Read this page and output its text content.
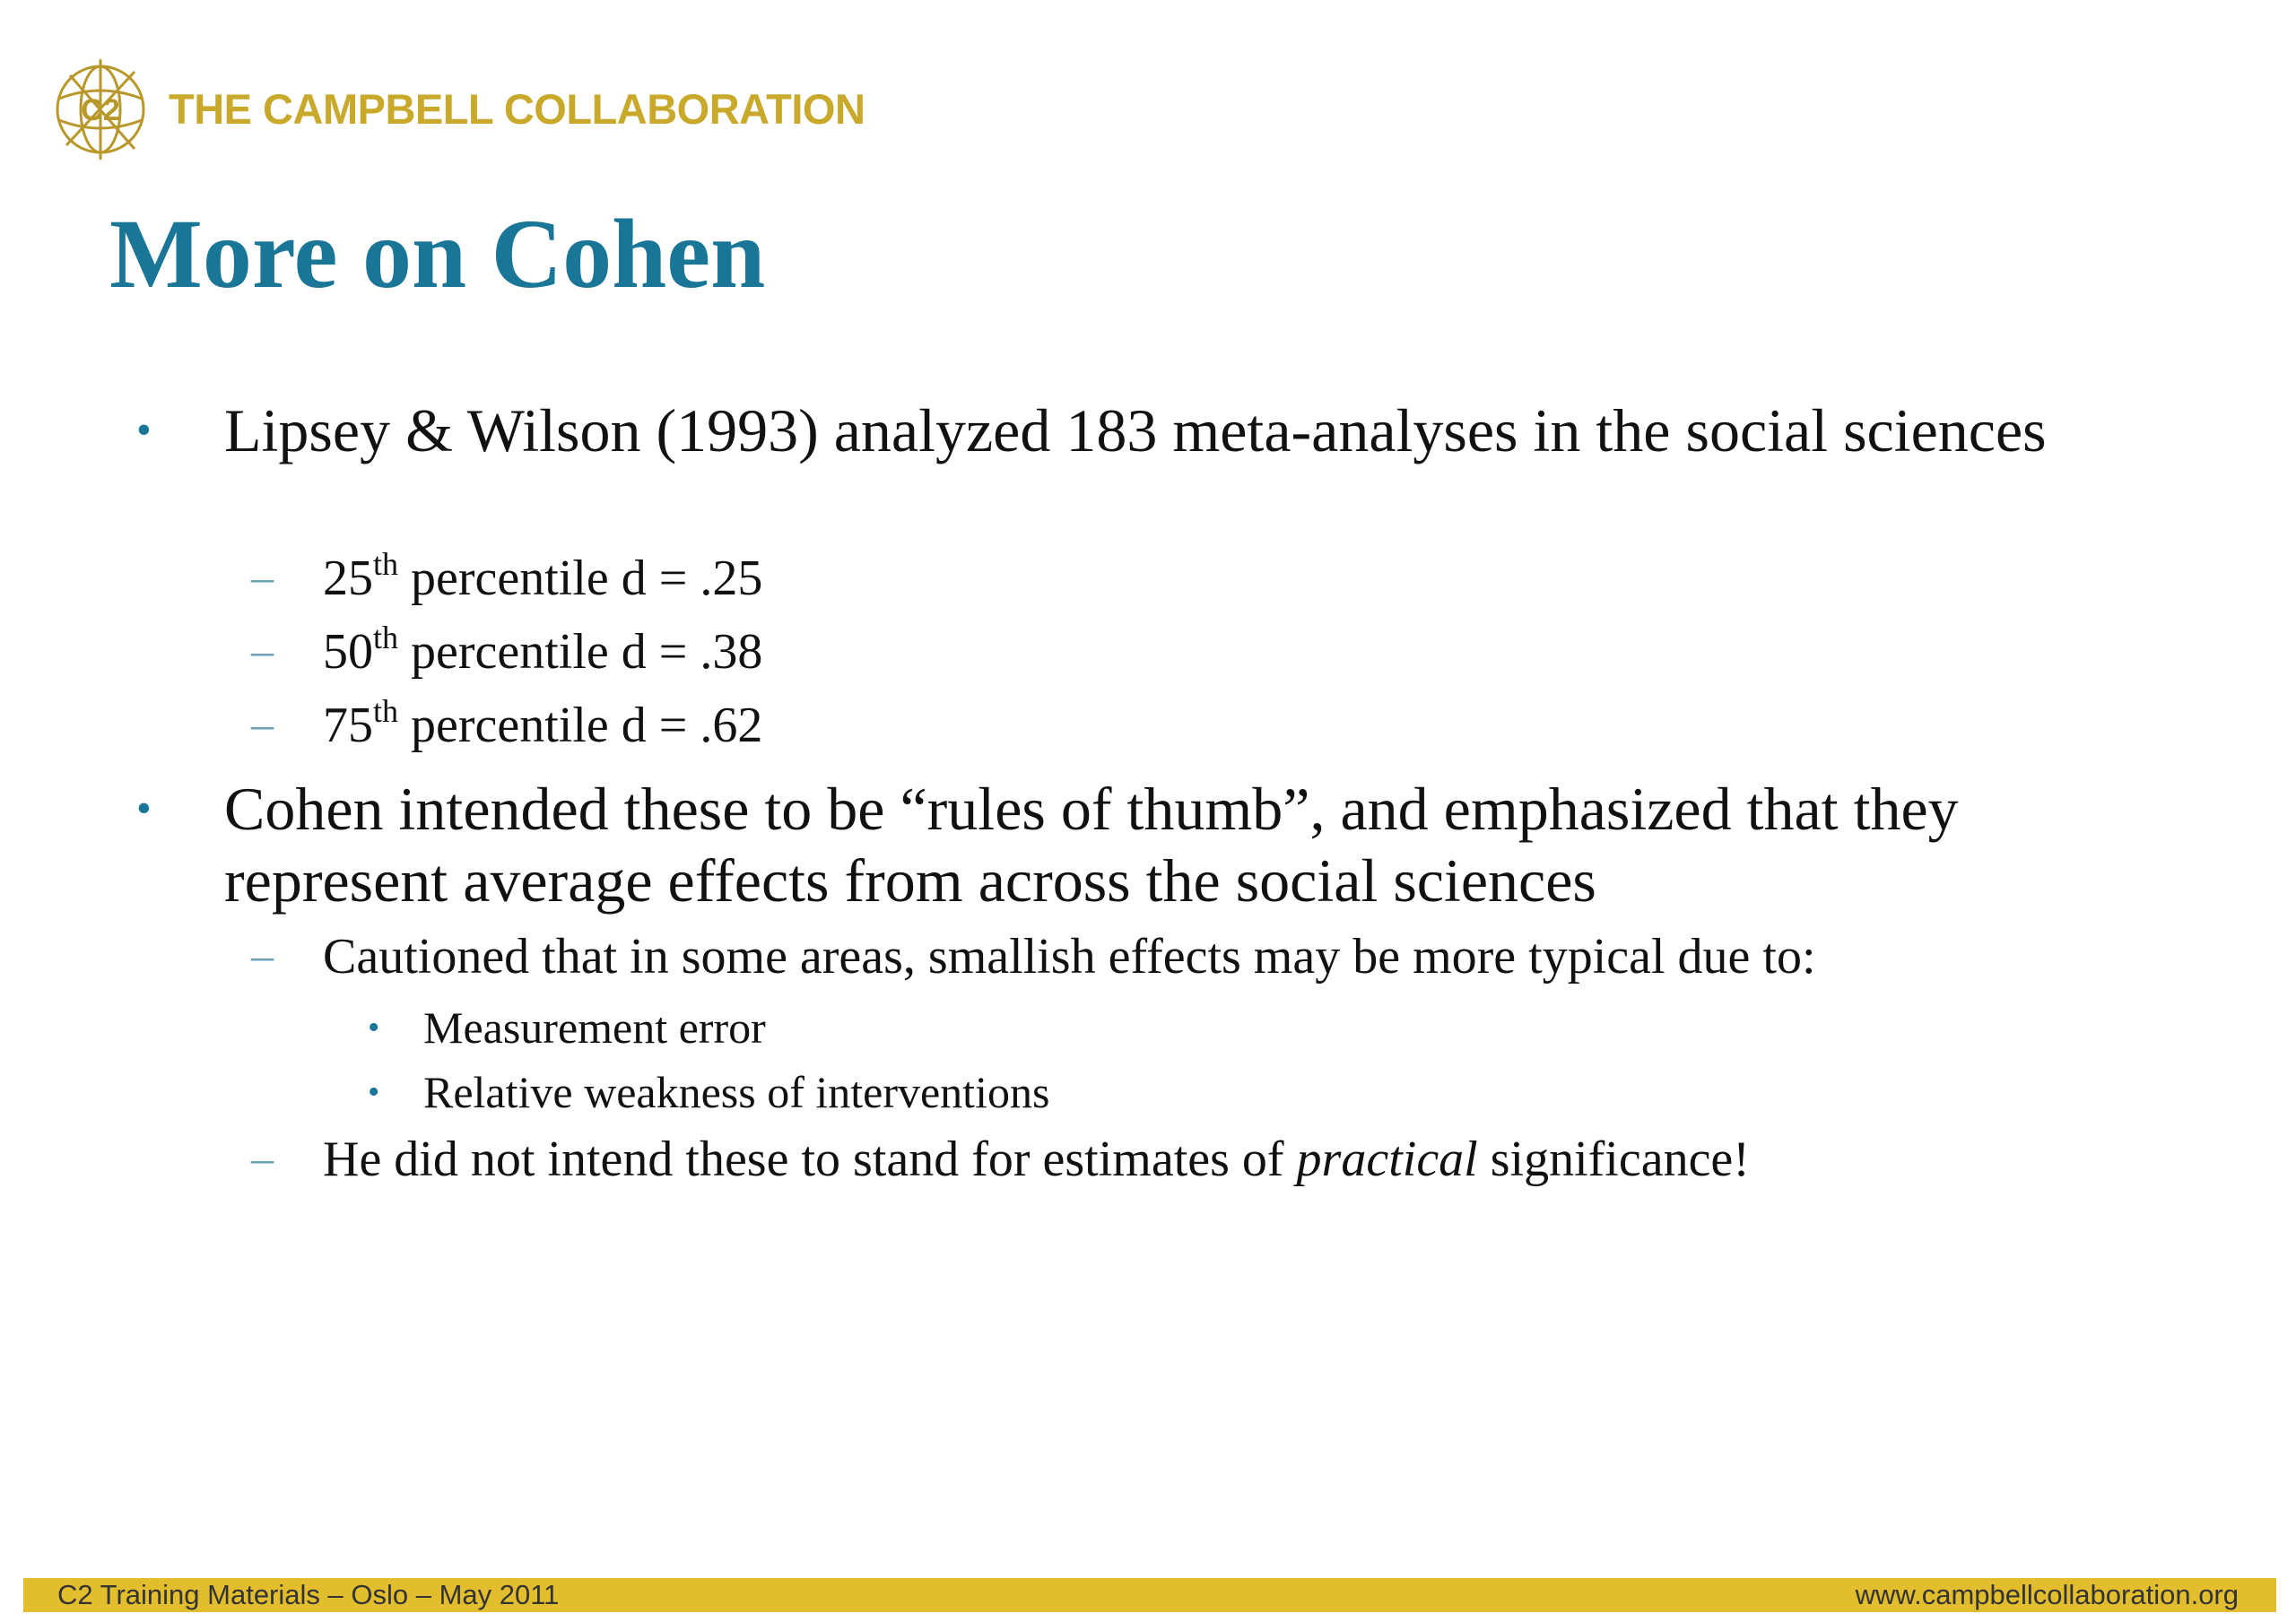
C2 THE CAMPBELL COLLABORATION
More on Cohen
• Lipsey & Wilson (1993) analyzed 183 meta-analyses in the social sciences
– 25th percentile d = .25
– 50th percentile d = .38
– 75th percentile d = .62
• Cohen intended these to be “rules of thumb”, and emphasized that they represent average effects from across the social sciences
– Cautioned that in some areas, smallish effects may be more typical due to:
• Measurement error
• Relative weakness of interventions
– He did not intend these to stand for estimates of practical significance!
C2 Training Materials – Oslo – May 2011	www.campbellcollaboration.org
